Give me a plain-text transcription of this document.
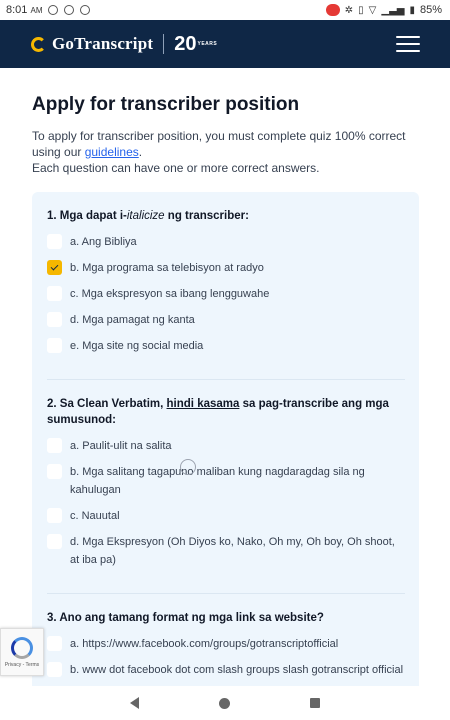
8:01 AM	✲ ▯ ▽ ▁▃▅ ▮ 85%
GoTranscript 20 YEARS
Apply for transcriber position

To apply for transcriber position, you must complete quiz 100% correct
using our guidelines.
Each question can have one or more correct answers.

1. Mga dapat i-italicize ng transcriber:
a. Ang Bibliya
b. Mga programa sa telebisyon at radyo
c. Mga ekspresyon sa ibang lengguwahe
d. Mga pamagat ng kanta
e. Mga site ng social media
2. Sa Clean Verbatim, hindi kasama sa pag-transcribe ang mga sumusunod:
a. Paulit-ulit na salita
b. Mga salitang tagapuno maliban kung nagdaragdag sila ng kahulugan
c. Nauutal
d. Mga Ekspresyon (Oh Diyos ko, Nako, Oh my, Oh boy, Oh shoot, at iba pa)
3. Ano ang tamang format ng mga link sa website?
a. https://www.facebook.com/groups/gotranscriptofficial
b. www dot facebook dot com slash groups slash gotranscript official
Privacy - Terms
